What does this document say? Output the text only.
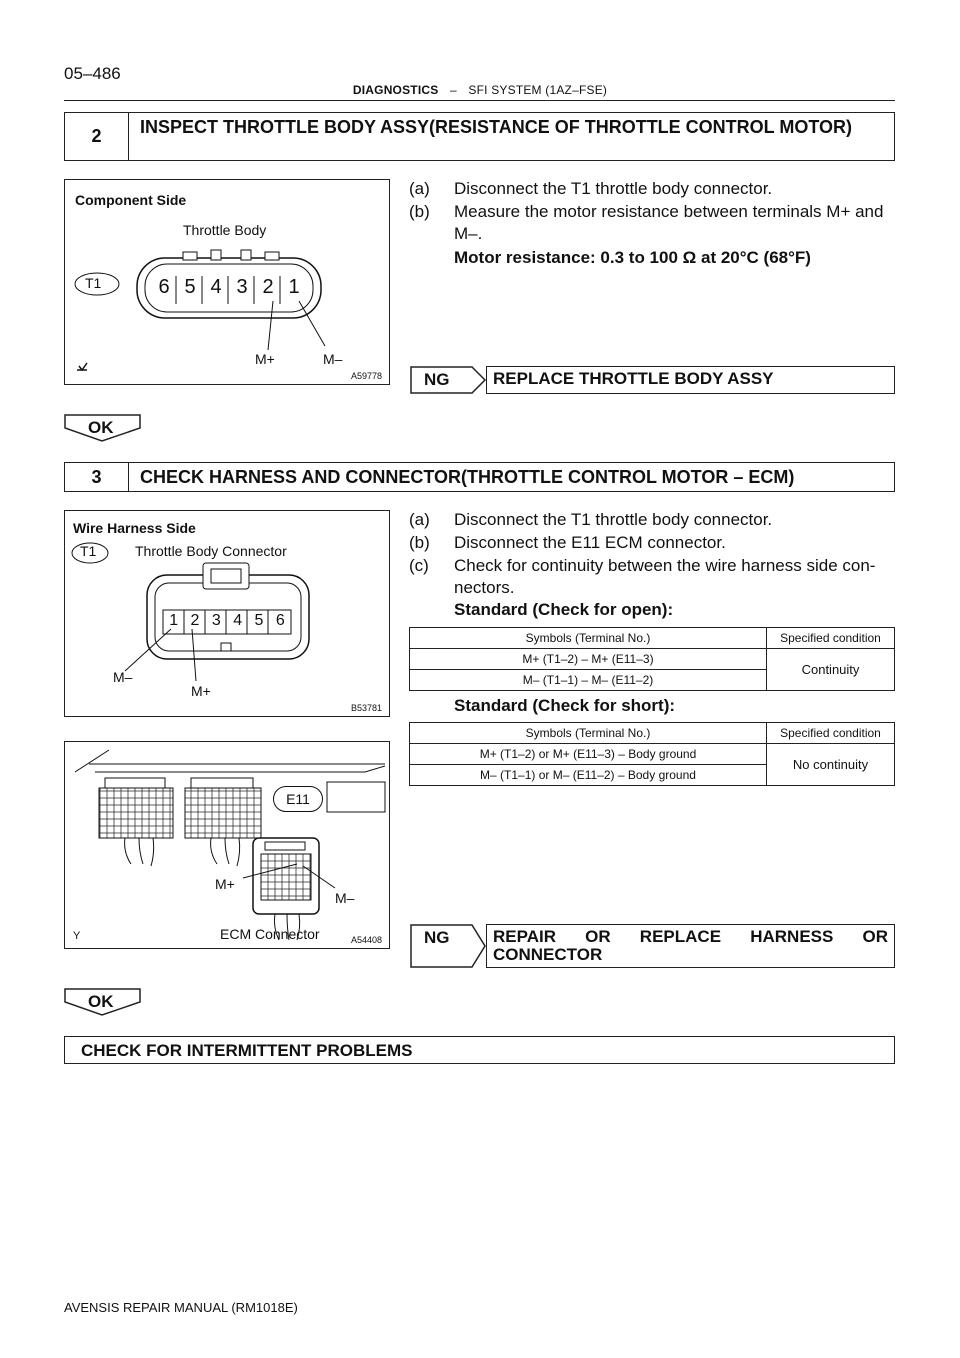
05–486
DIAGNOSTICS – SFI SYSTEM (1AZ–FSE)
2	INSPECT THROTTLE BODY ASSY(RESISTANCE OF THROTTLE CONTROL MOTOR)
Component Side
Throttle Body
T1	6 5 4 3 2 1
M+	M–
A59778
(a) Disconnect the T1 throttle body connector.
(b) Measure the motor resistance between terminals M+ and M–.
Motor resistance: 0.3 to 100 Ω at 20°C (68°F)
NG	REPLACE THROTTLE BODY ASSY
OK
3	CHECK HARNESS AND CONNECTOR(THROTTLE CONTROL MOTOR – ECM)
Wire Harness Side
T1	Throttle Body Connector
1 2 3 4 5 6
M–
M+
B53781
E11
M+
M–
ECM Connector
Y	A54408
(a) Disconnect the T1 throttle body connector.
(b) Disconnect the E11 ECM connector.
(c) Check for continuity between the wire harness side con-nectors.
Standard (Check for open):
Symbols (Terminal No.)	Specified condition
M+ (T1–2) – M+ (E11–3)	Continuity
M– (T1–1) – M– (E11–2)	
Standard (Check for short):
Symbols (Terminal No.)	Specified condition
M+ (T1–2) or M+ (E11–3) – Body ground	No continuity
M– (T1–1) or M– (E11–2) – Body ground	
NG	REPAIR OR REPLACE HARNESS OR CONNECTOR
OK
CHECK FOR INTERMITTENT PROBLEMS
AVENSIS REPAIR MANUAL (RM1018E)
